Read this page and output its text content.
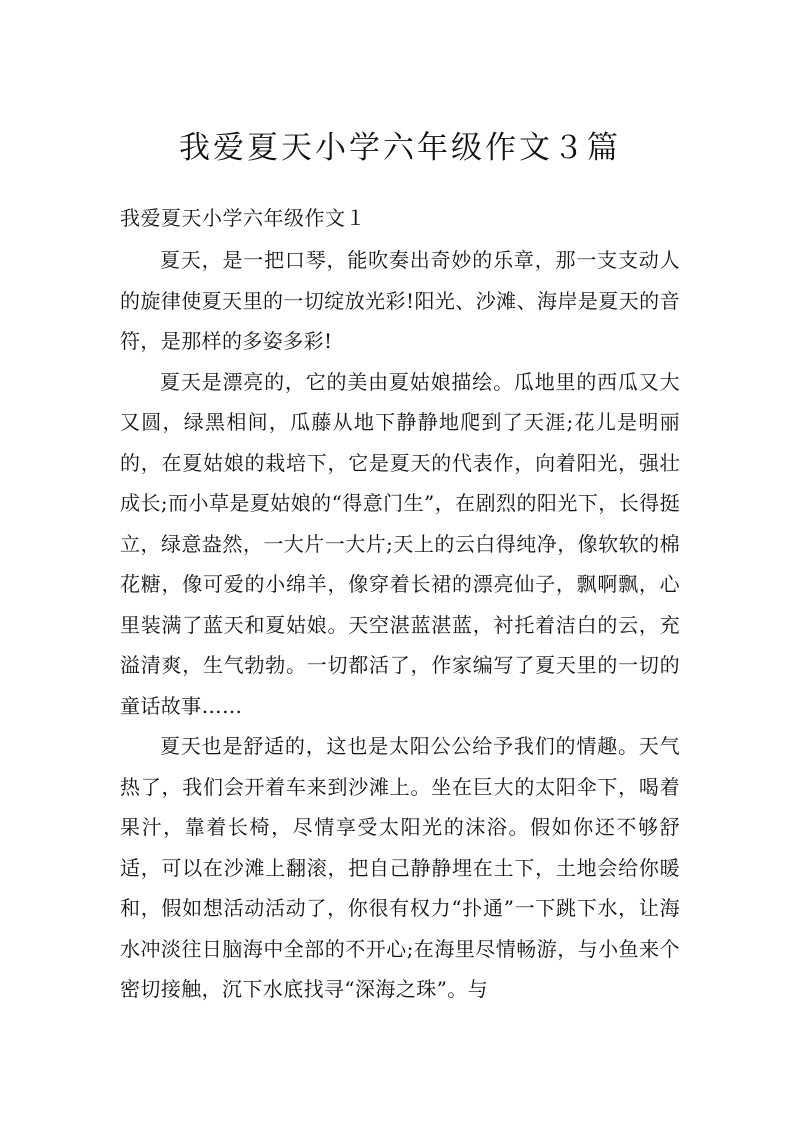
我爱夏天小学六年级作文３篇

我爱夏天小学六年级作文１

夏天，是一把口琴，能吹奏出奇妙的乐章，那一支支动人的旋律使夏天里的一切绽放光彩!阳光、沙滩、海岸是夏天的音符，是那样的多姿多彩!

夏天是漂亮的，它的美由夏姑娘描绘。瓜地里的西瓜又大又圆，绿黑相间，瓜藤从地下静静地爬到了天涯;花儿是明丽的，在夏姑娘的栽培下，它是夏天的代表作，向着阳光，强壮成长;而小草是夏姑娘的“得意门生”，在剧烈的阳光下，长得挺立，绿意盎然，一大片一大片;天上的云白得纯净，像软软的棉花糖，像可爱的小绵羊，像穿着长裙的漂亮仙子，飘啊飘，心里装满了蓝天和夏姑娘。天空湛蓝湛蓝，衬托着洁白的云，充溢清爽，生气勃勃。一切都活了，作家编写了夏天里的一切的童话故事……

夏天也是舒适的，这也是太阳公公给予我们的情趣。天气热了，我们会开着车来到沙滩上。坐在巨大的太阳伞下，喝着果汁，靠着长椅，尽情享受太阳光的沫浴。假如你还不够舒适，可以在沙滩上翻滚，把自己静静埋在土下，土地会给你暖和，假如想活动活动了，你很有权力“扑通”一下跳下水，让海水冲淡往日脑海中全部的不开心;在海里尽情畅游，与小鱼来个密切接触，沉下水底找寻“深海之珠”。与
